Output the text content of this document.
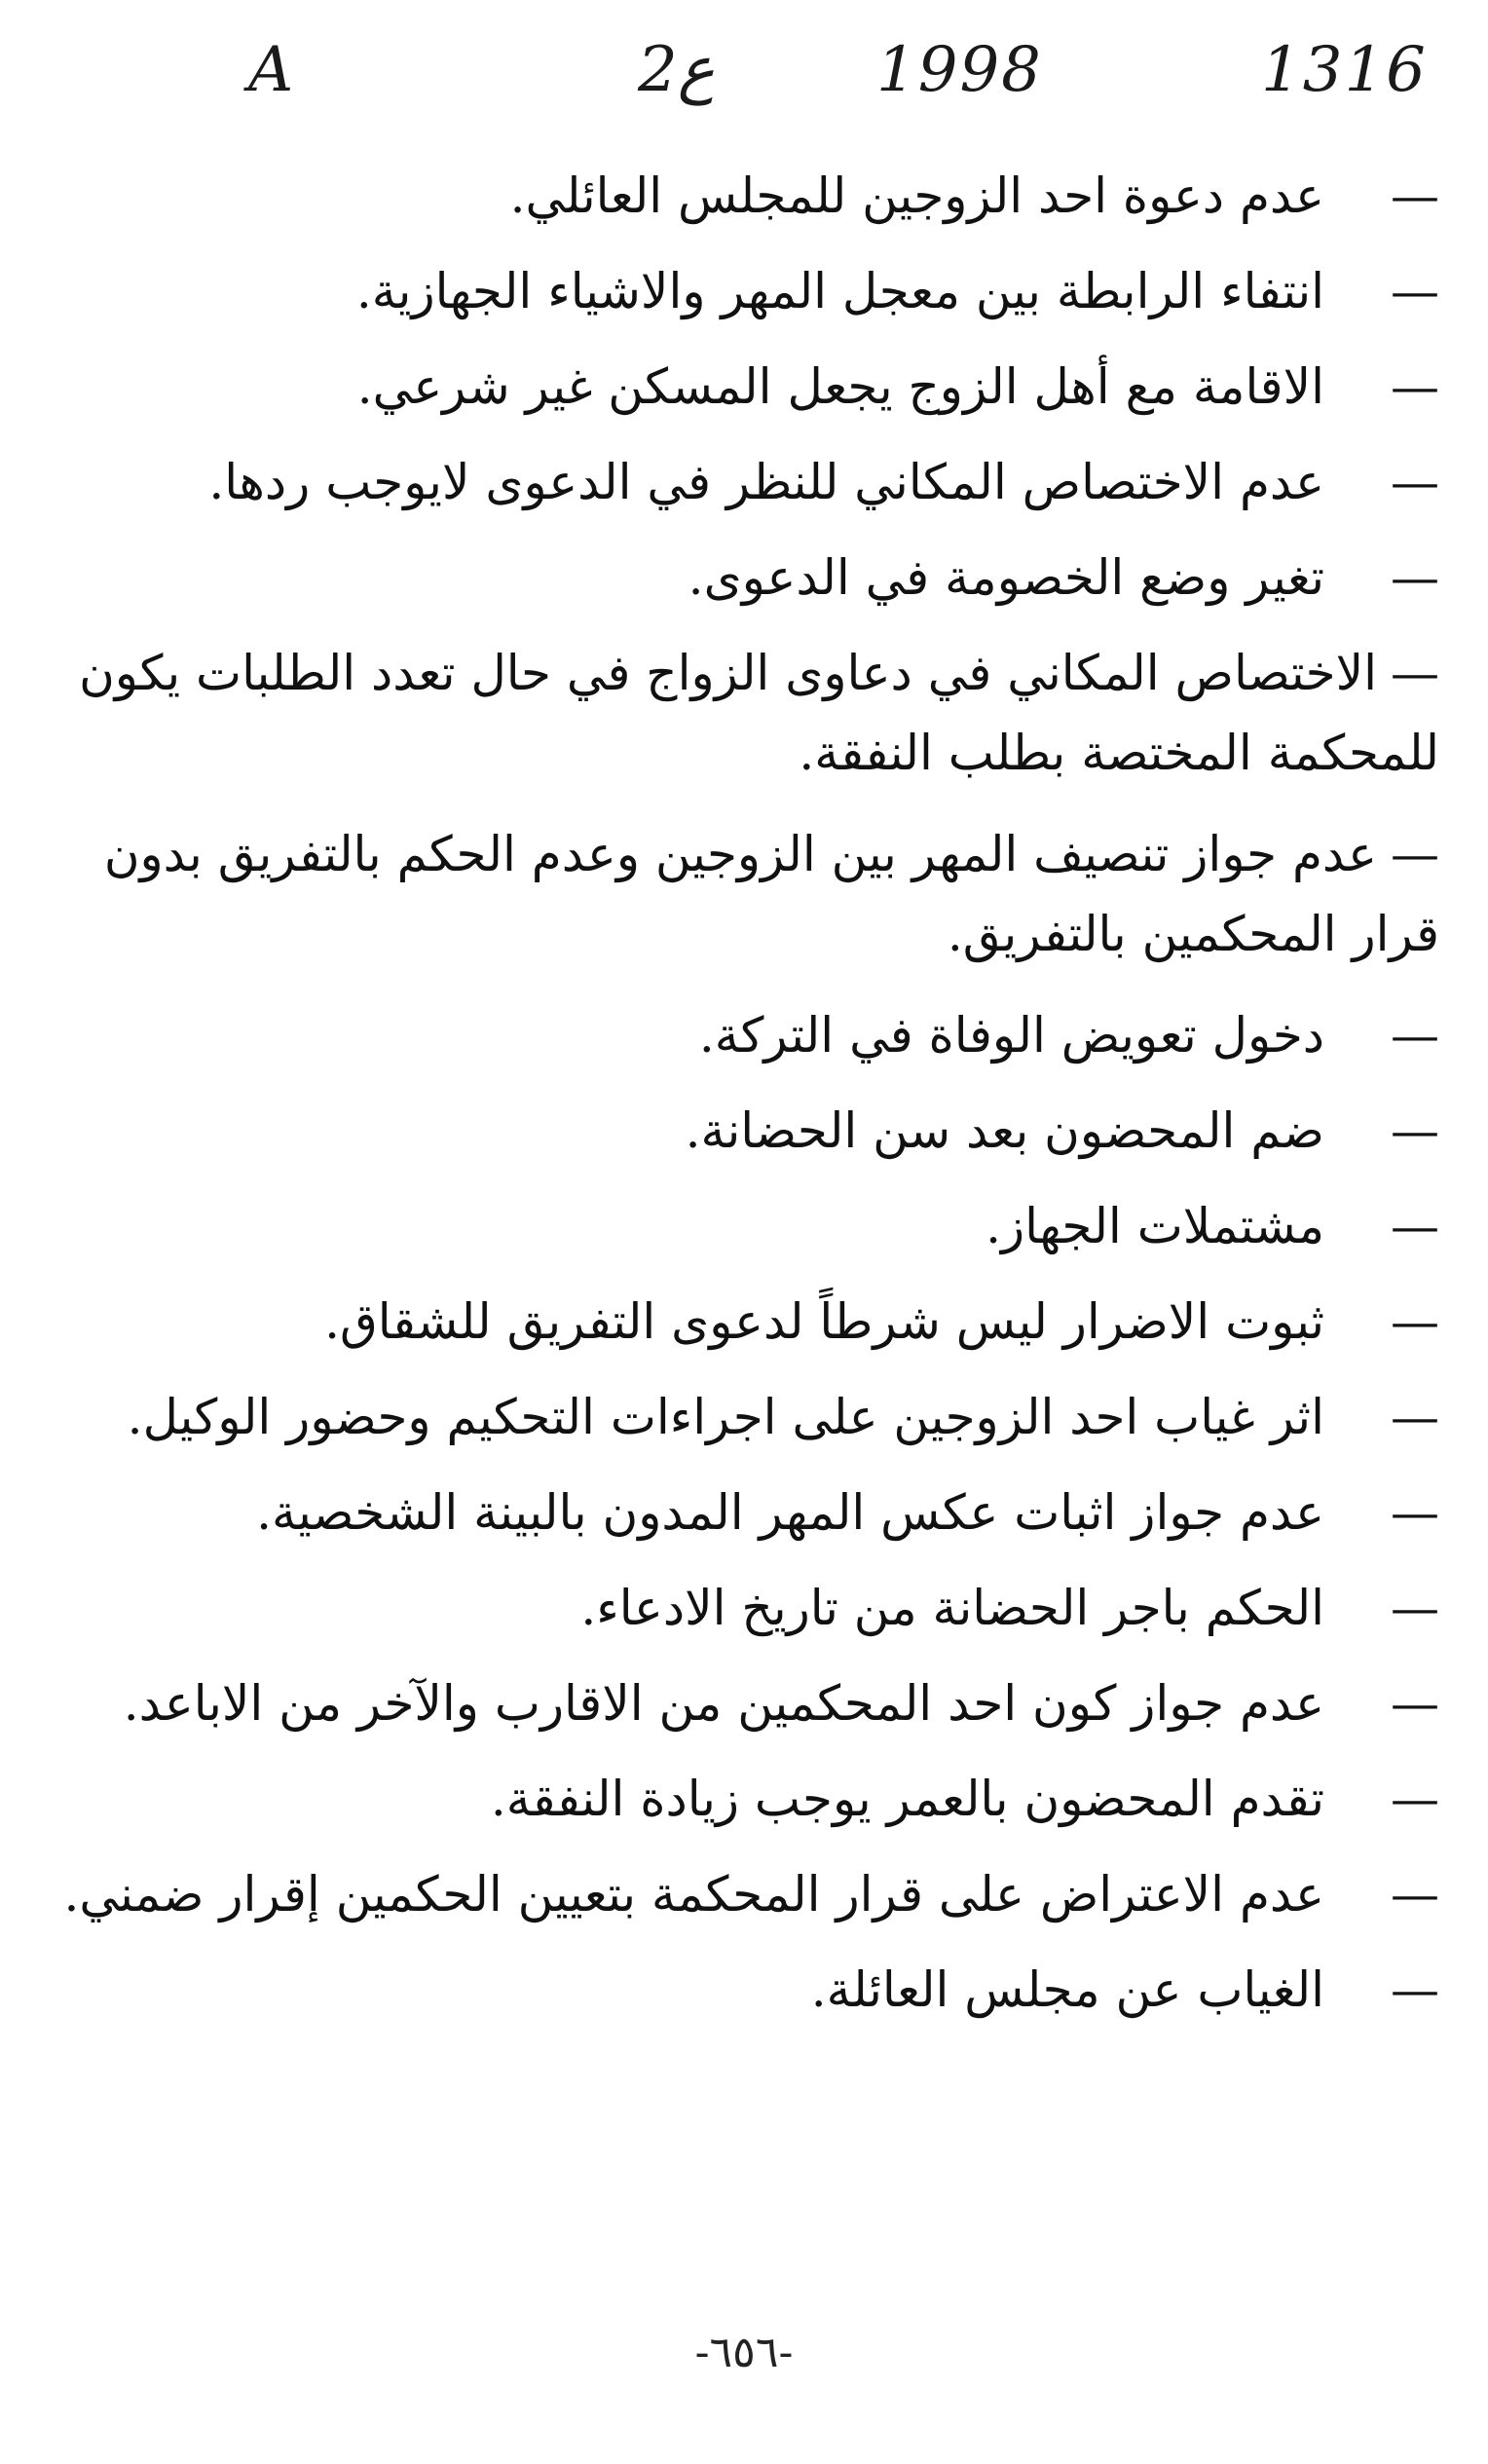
A	2ع	1998	1316
—
عدم دعوة احد الزوجين للمجلس العائلي.
—
انتفاء الرابطة بين معجل المهر والاشياء الجهازية.
—
الاقامة مع أهل الزوج يجعل المسكن غير شرعي.
—
عدم الاختصاص المكاني للنظر في الدعوى لايوجب ردها.
—
تغير وضع الخصومة في الدعوى.
—الاختصاص المكاني في دعاوى الزواج في حال تعدد الطلبات يكون للمحكمة المختصة بطلب النفقة.
—عدم جواز تنصيف المهر بين الزوجين وعدم الحكم بالتفريق بدون قرار المحكمين بالتفريق.
—
دخول تعويض الوفاة في التركة.
—
ضم المحضون بعد سن الحضانة.
—
مشتملات الجهاز.
—
ثبوت الاضرار ليس شرطاً لدعوى التفريق للشقاق.
—
اثر غياب احد الزوجين على اجراءات التحكيم وحضور الوكيل.
—
عدم جواز اثبات عكس المهر المدون بالبينة الشخصية.
—
الحكم باجر الحضانة من تاريخ الادعاء.
—
عدم جواز كون احد المحكمين من الاقارب والآخر من الاباعد.
—
تقدم المحضون بالعمر يوجب زيادة النفقة.
—
عدم الاعتراض على قرار المحكمة بتعيين الحكمين إقرار ضمني.
—
الغياب عن مجلس العائلة.
-٦٥٦-
